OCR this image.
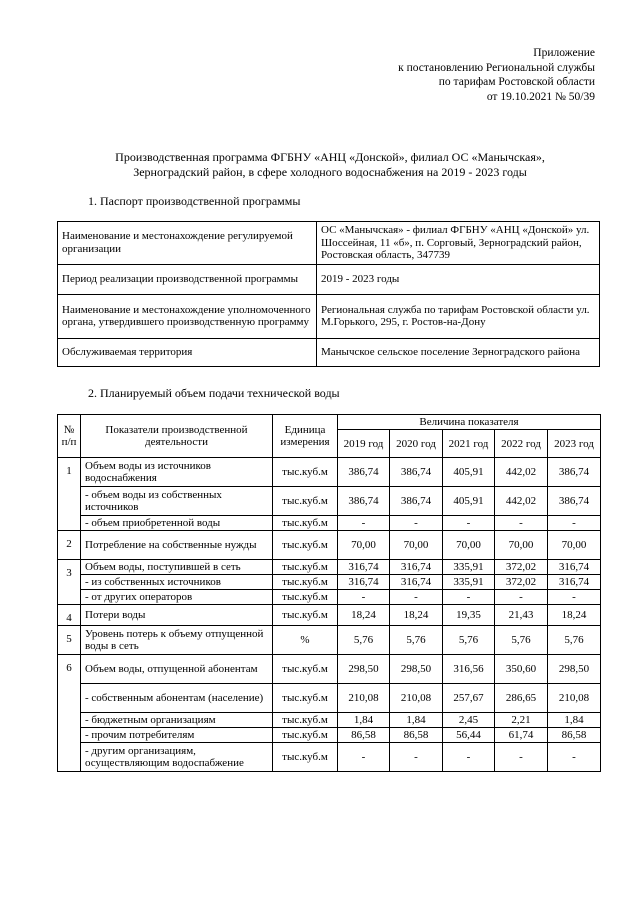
Приложение
к постановлению Региональной службы
по тарифам Ростовской области
от 19.10.2021 № 50/39
Производственная программа ФГБНУ «АНЦ «Донской», филиал ОС «Манычская»,
Зерноградский район, в сфере холодного водоснабжения на 2019 - 2023 годы
1. Паспорт производственной программы
Наименование и местонахождение регулируемой организации	ОС «Манычская» - филиал ФГБНУ «АНЦ «Донской» ул. Шоссейная, 11 «б», п. Сорговый, Зерноградский район, Ростовская область, 347739
Период реализации производственной программы	2019 - 2023 годы
Наименование и местонахождение уполномоченного органа, утвердившего производственную программу	Региональная служба по тарифам Ростовской области ул. М.Горького, 295, г. Ростов-на-Дону
Обслуживаемая территория	Манычское сельское поселение Зерноградского района
2. Планируемый объем подачи технической воды
№ п/п	Показатели производственной деятельности	Единица измерения	Величина показателя				
			2019 год	2020 год	2021 год	2022 год	2023 год
1	Объем воды из источников водоснабжения	тыс.куб.м	386,74	386,74	405,91	442,02	386,74
	- объем воды из собственных источников	тыс.куб.м	386,74	386,74	405,91	442,02	386,74
	- объем приобретенной воды	тыс.куб.м	-	-	-	-	-
2	Потребление на собственные нужды	тыс.куб.м	70,00	70,00	70,00	70,00	70,00
3	Объем воды, поступившей в сеть	тыс.куб.м	316,74	316,74	335,91	372,02	316,74
	- из собственных источников	тыс.куб.м	316,74	316,74	335,91	372,02	316,74
	- от других операторов	тыс.куб.м	-	-	-	-	-
4	Потери воды	тыс.куб.м	18,24	18,24	19,35	21,43	18,24
5	Уровень потерь к объему отпущенной воды в сеть	%	5,76	5,76	5,76	5,76	5,76
6	Объем воды, отпущенной абонентам	тыс.куб.м	298,50	298,50	316,56	350,60	298,50
	- собственным абонентам (население)	тыс.куб.м	210,08	210,08	257,67	286,65	210,08
	- бюджетным организациям	тыс.куб.м	1,84	1,84	2,45	2,21	1,84
	- прочим потребителям	тыс.куб.м	86,58	86,58	56,44	61,74	86,58
	- другим организациям, осуществляющим водоспабжение	тыс.куб.м	-	-	-	-	-
